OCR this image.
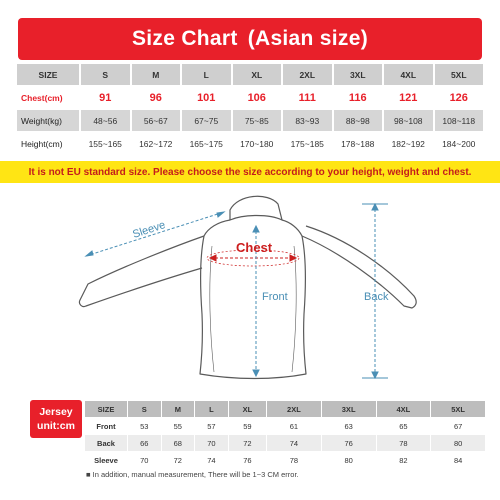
Size Chart (Asian size)
SIZE	S	M	L	XL	2XL	3XL	4XL	5XL
Chest(cm)	91	96	101	106	111	116	121	126
Weight(kg)	48~56	56~67	67~75	75~85	83~93	88~98	98~108	108~118
Height(cm)	155~165	162~172	165~175	170~180	175~185	178~188	182~192	184~200
It is not EU standard size. Please choose the size according to your height, weight and chest.
Sleeve
Chest
Front	Back
Jersey
unit:cm
SIZE	S	M	L	XL	2XL	3XL	4XL	5XL
Front	53	55	57	59	61	63	65	67
Back	66	68	70	72	74	76	78	80
Sleeve	70	72	74	76	78	80	82	84
■ In addition, manual measurement, There will be 1~3 CM error.
